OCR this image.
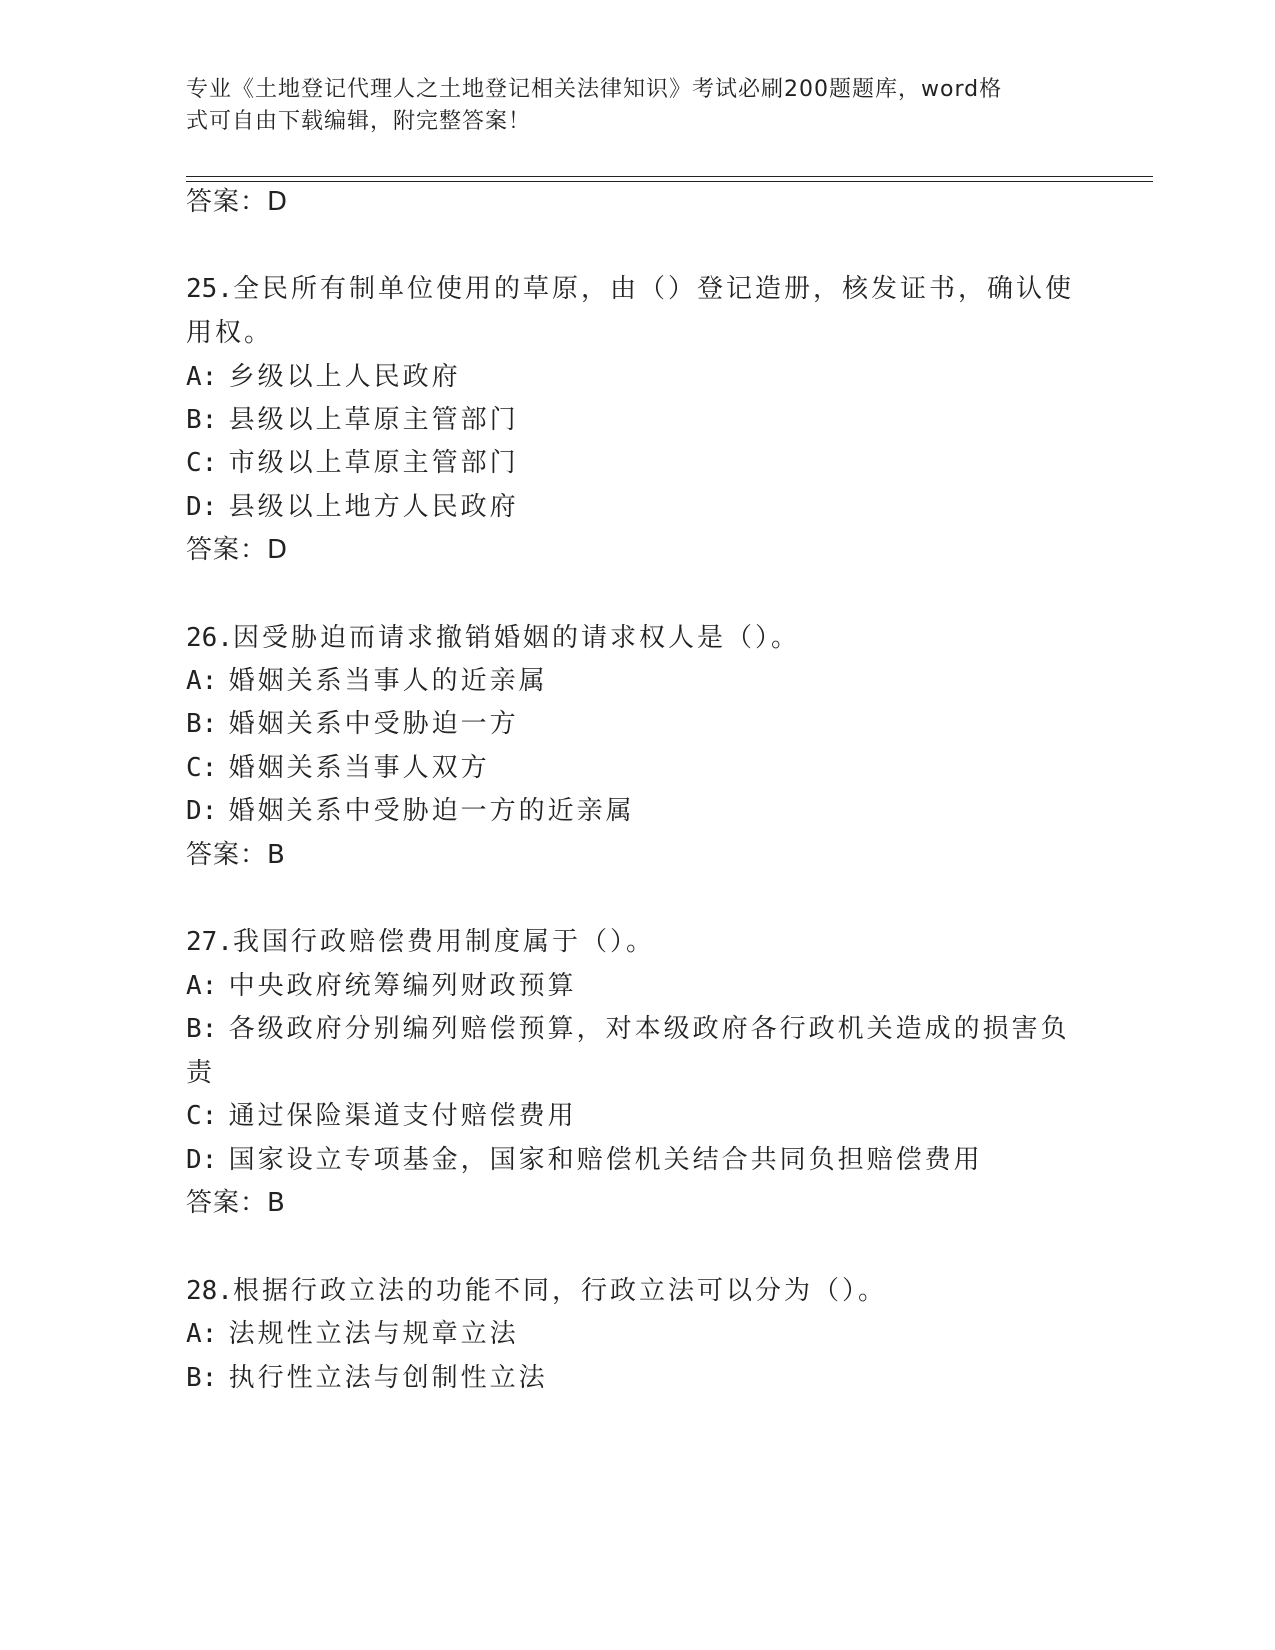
专业《土地登记代理人之土地登记相关法律知识》考试必刷200题题库，word格
式可自由下载编辑，附完整答案！
答案：D
25.全民所有制单位使用的草原，由（）登记造册，核发证书，确认使
用权。
A: 乡级以上人民政府
B: 县级以上草原主管部门
C: 市级以上草原主管部门
D: 县级以上地方人民政府
答案：D
26.因受胁迫而请求撤销婚姻的请求权人是（）。
A: 婚姻关系当事人的近亲属
B: 婚姻关系中受胁迫一方
C: 婚姻关系当事人双方
D: 婚姻关系中受胁迫一方的近亲属
答案：B
27.我国行政赔偿费用制度属于（）。
A: 中央政府统筹编列财政预算
B: 各级政府分别编列赔偿预算，对本级政府各行政机关造成的损害负
责
C: 通过保险渠道支付赔偿费用
D: 国家设立专项基金，国家和赔偿机关结合共同负担赔偿费用
答案：B
28.根据行政立法的功能不同，行政立法可以分为（）。
A: 法规性立法与规章立法
B: 执行性立法与创制性立法
